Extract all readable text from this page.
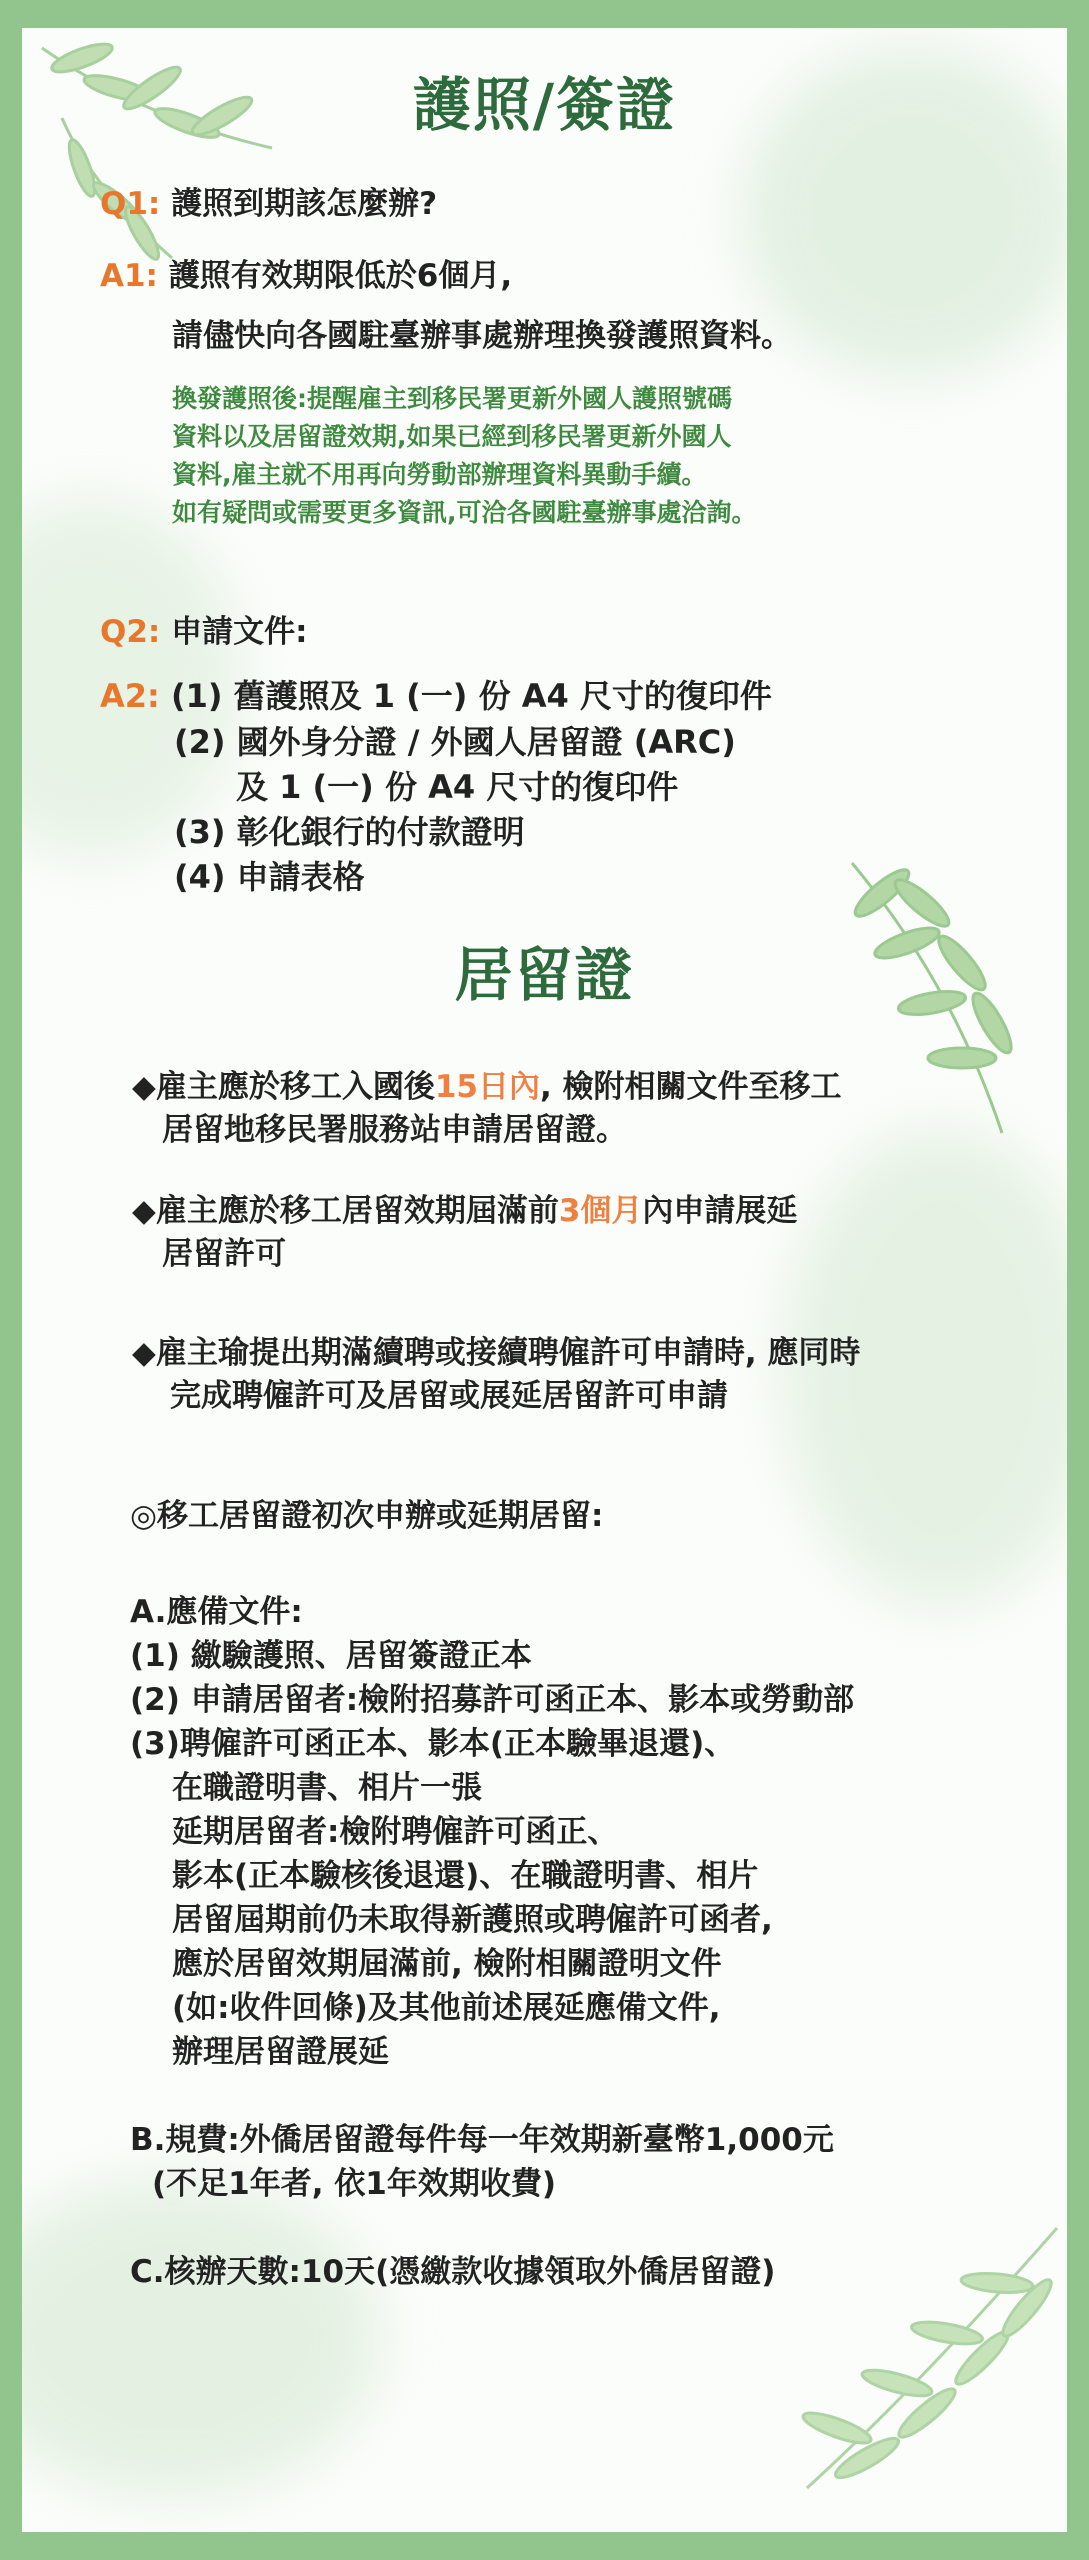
護照/簽證
Q1: 護照到期該怎麼辦?
A1: 護照有效期限低於6個月,
請儘快向各國駐臺辦事處辦理換發護照資料。
換發護照後:提醒雇主到移民署更新外國人護照號碼
資料以及居留證效期,如果已經到移民署更新外國人
資料,雇主就不用再向勞動部辦理資料異動手續。
如有疑問或需要更多資訊,可洽各國駐臺辦事處洽詢。
Q2: 申請文件:
A2: (1) 舊護照及 1 (一) 份 A4 尺寸的復印件
(2) 國外身分證 / 外國人居留證 (ARC)
及 1 (一) 份 A4 尺寸的復印件
(3) 彰化銀行的付款證明
(4) 申請表格
居留證
◆雇主應於移工入國後15日內, 檢附相關文件至移工
居留地移民署服務站申請居留證。
◆雇主應於移工居留效期屆滿前3個月內申請展延
居留許可
◆雇主瑜提出期滿續聘或接續聘僱許可申請時, 應同時
完成聘僱許可及居留或展延居留許可申請
◎移工居留證初次申辦或延期居留:
A.應備文件:
(1) 繳驗護照、居留簽證正本
(2) 申請居留者:檢附招募許可函正本、影本或勞動部
(3)聘僱許可函正本、影本(正本驗畢退還)、
在職證明書、相片一張
延期居留者:檢附聘僱許可函正、
影本(正本驗核後退還)、在職證明書、相片
居留屆期前仍未取得新護照或聘僱許可函者,
應於居留效期屆滿前, 檢附相關證明文件
(如:收件回條)及其他前述展延應備文件,
辦理居留證展延
B.規費:外僑居留證每件每一年效期新臺幣1,000元
(不足1年者, 依1年效期收費)
C.核辦天數:10天(憑繳款收據領取外僑居留證)
